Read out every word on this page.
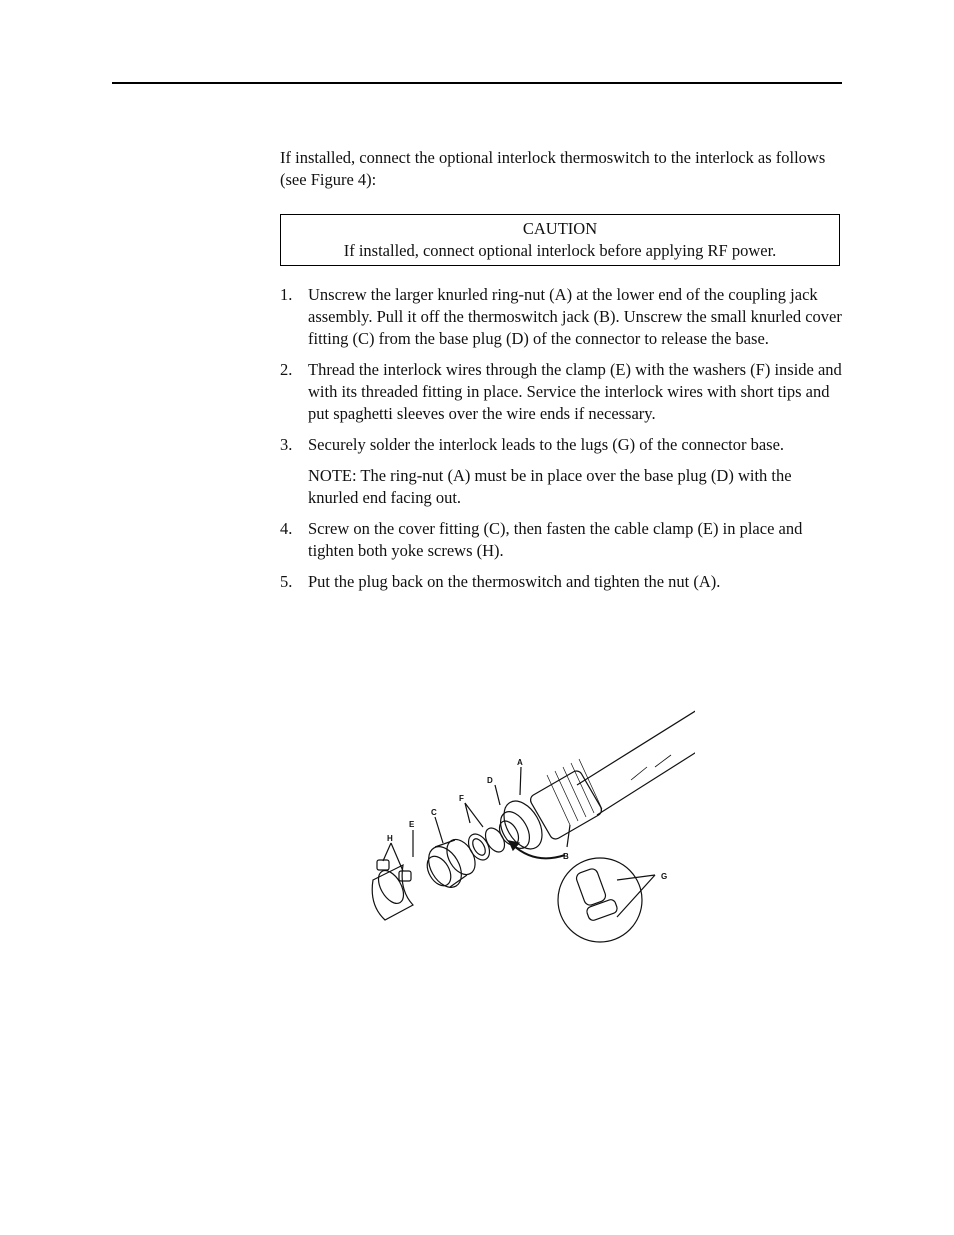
If installed, connect the optional interlock thermoswitch to the interlock as follows (see Figure 4):

CAUTION
If installed, connect optional interlock before applying RF power.
1. Unscrew the larger knurled ring-nut (A) at the lower end of the coupling jack assembly. Pull it off the thermoswitch jack (B). Unscrew the small knurled cover fitting (C) from the base plug (D) of the connector to release the base.
2. Thread the interlock wires through the clamp (E) with the washers (F) inside and with its threaded fitting in place. Service the interlock wires with short tips and put spaghetti sleeves over the wire ends if necessary.
3. Securely solder the interlock leads to the lugs (G) of the connector base.
NOTE: The ring-nut (A) must be in place over the base plug (D) with the knurled end facing out.
4. Screw on the cover fitting (C), then fasten the cable clamp (E) in place and tighten both yoke screws (H).
5. Put the plug back on the thermoswitch and tighten the nut (A).
A
D
F
C
E
H
B
G
